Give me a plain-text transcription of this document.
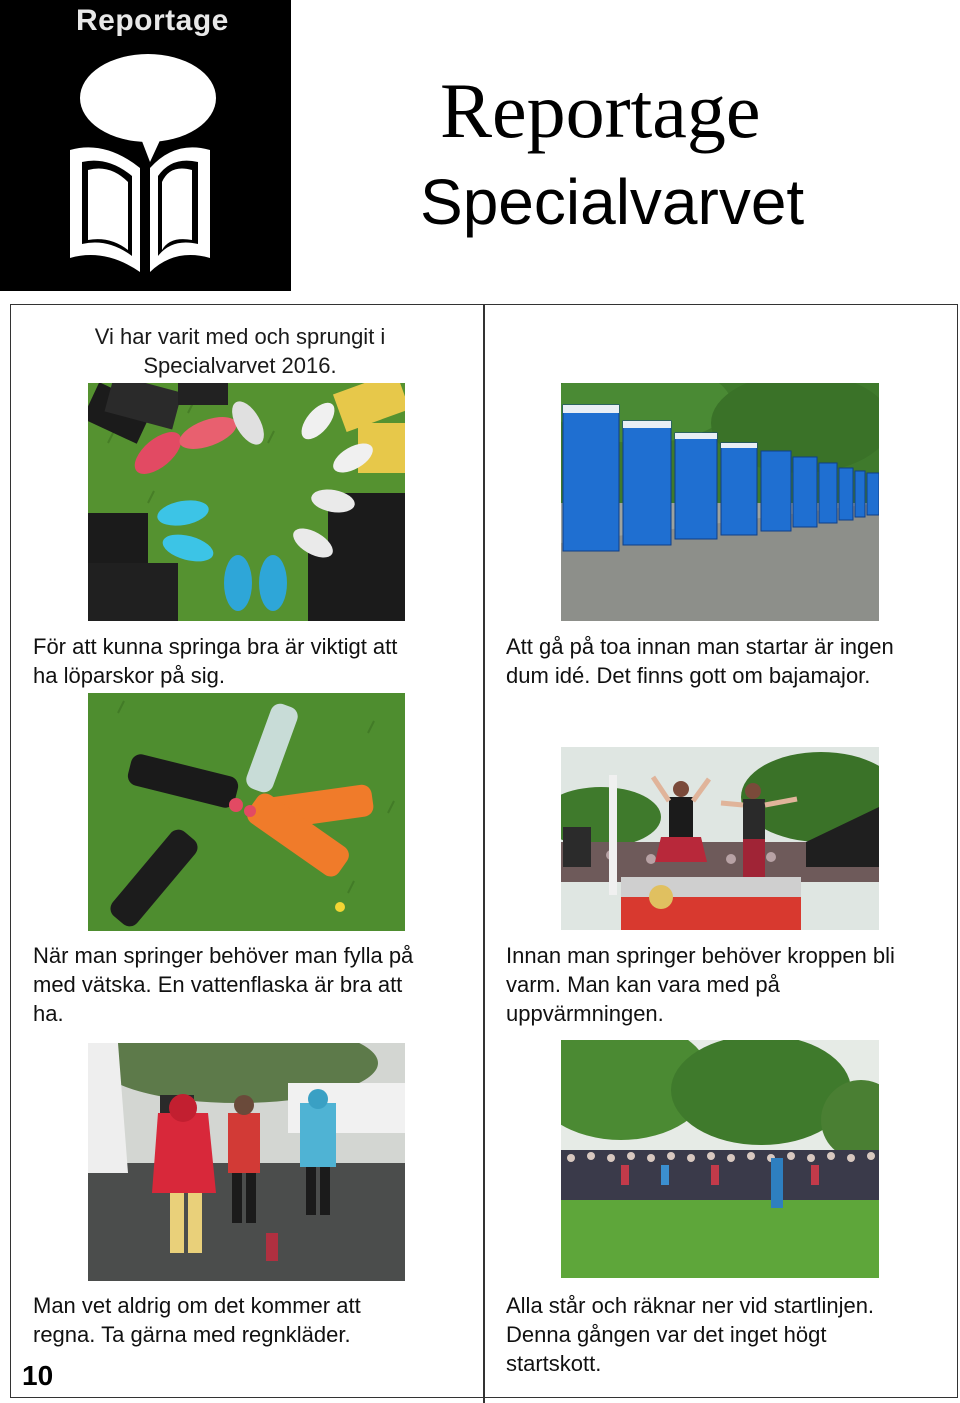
Reportage
Reportage
Specialvarvet
Vi har varit med och sprungit i
Specialvarvet 2016.
För att kunna springa bra är viktigt att
ha löparskor på sig.
Att gå på toa innan man startar är ingen
dum idé. Det finns gott om bajamajor.
När man springer behöver man fylla på
med vätska. En vattenflaska är bra att
ha.
Innan man springer behöver kroppen bli
varm. Man kan vara med på
uppvärmningen.
Man vet aldrig om det kommer att
regna. Ta gärna med regnkläder.
Alla står och räknar ner vid startlinjen.
Denna gången var det inget högt
startskott.
10
